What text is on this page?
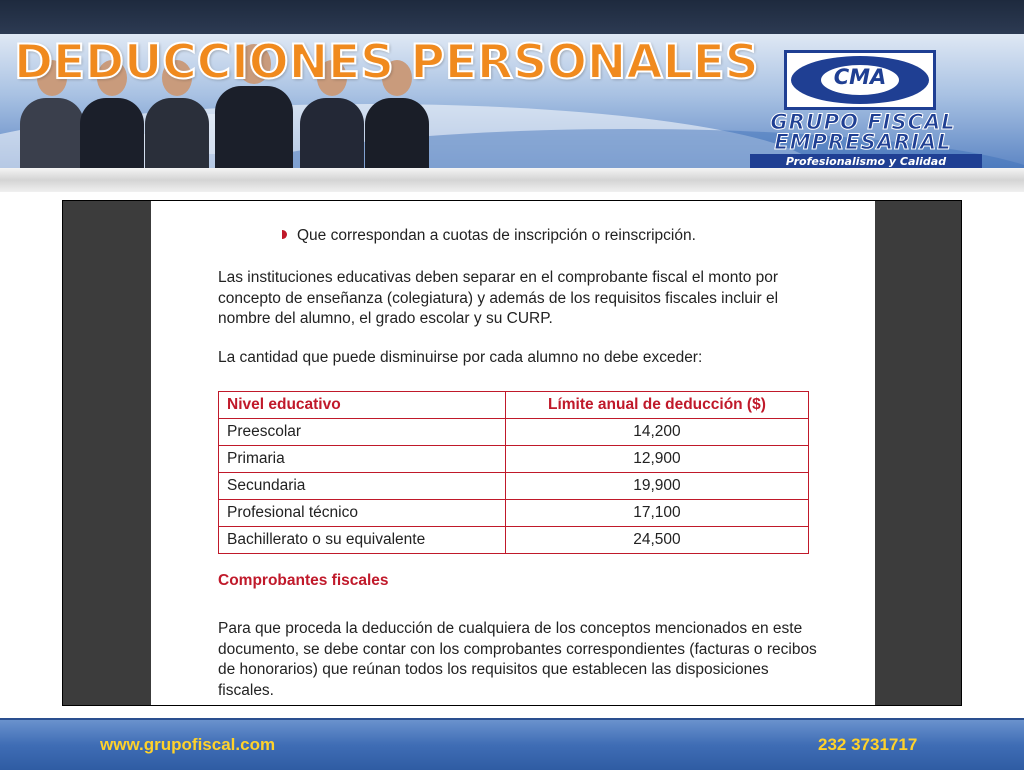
DEDUCCIONES PERSONALES	CMA
GRUPO FISCAL
EMPRESARIAL
Profesionalismo y Calidad
Que correspondan a cuotas de inscripción o reinscripción.

Las instituciones educativas deben separar en el comprobante fiscal el monto por concepto de enseñanza (colegiatura) y además de los requisitos fiscales incluir el nombre del alumno, el grado escolar y su CURP.

La cantidad que puede disminuirse por cada alumno no debe exceder:

Nivel educativo	Límite anual de deducción ($)
Preescolar	14,200
Primaria	12,900
Secundaria	19,900
Profesional técnico	17,100
Bachillerato o su equivalente	24,500
Comprobantes fiscales

Para que proceda la deducción de cualquiera de los conceptos mencionados en este documento, se debe contar con los comprobantes correspondientes (facturas o recibos de honorarios) que reúnan todos los requisitos que establecen las disposiciones fiscales.

www.grupofiscal.com	232 3731717
